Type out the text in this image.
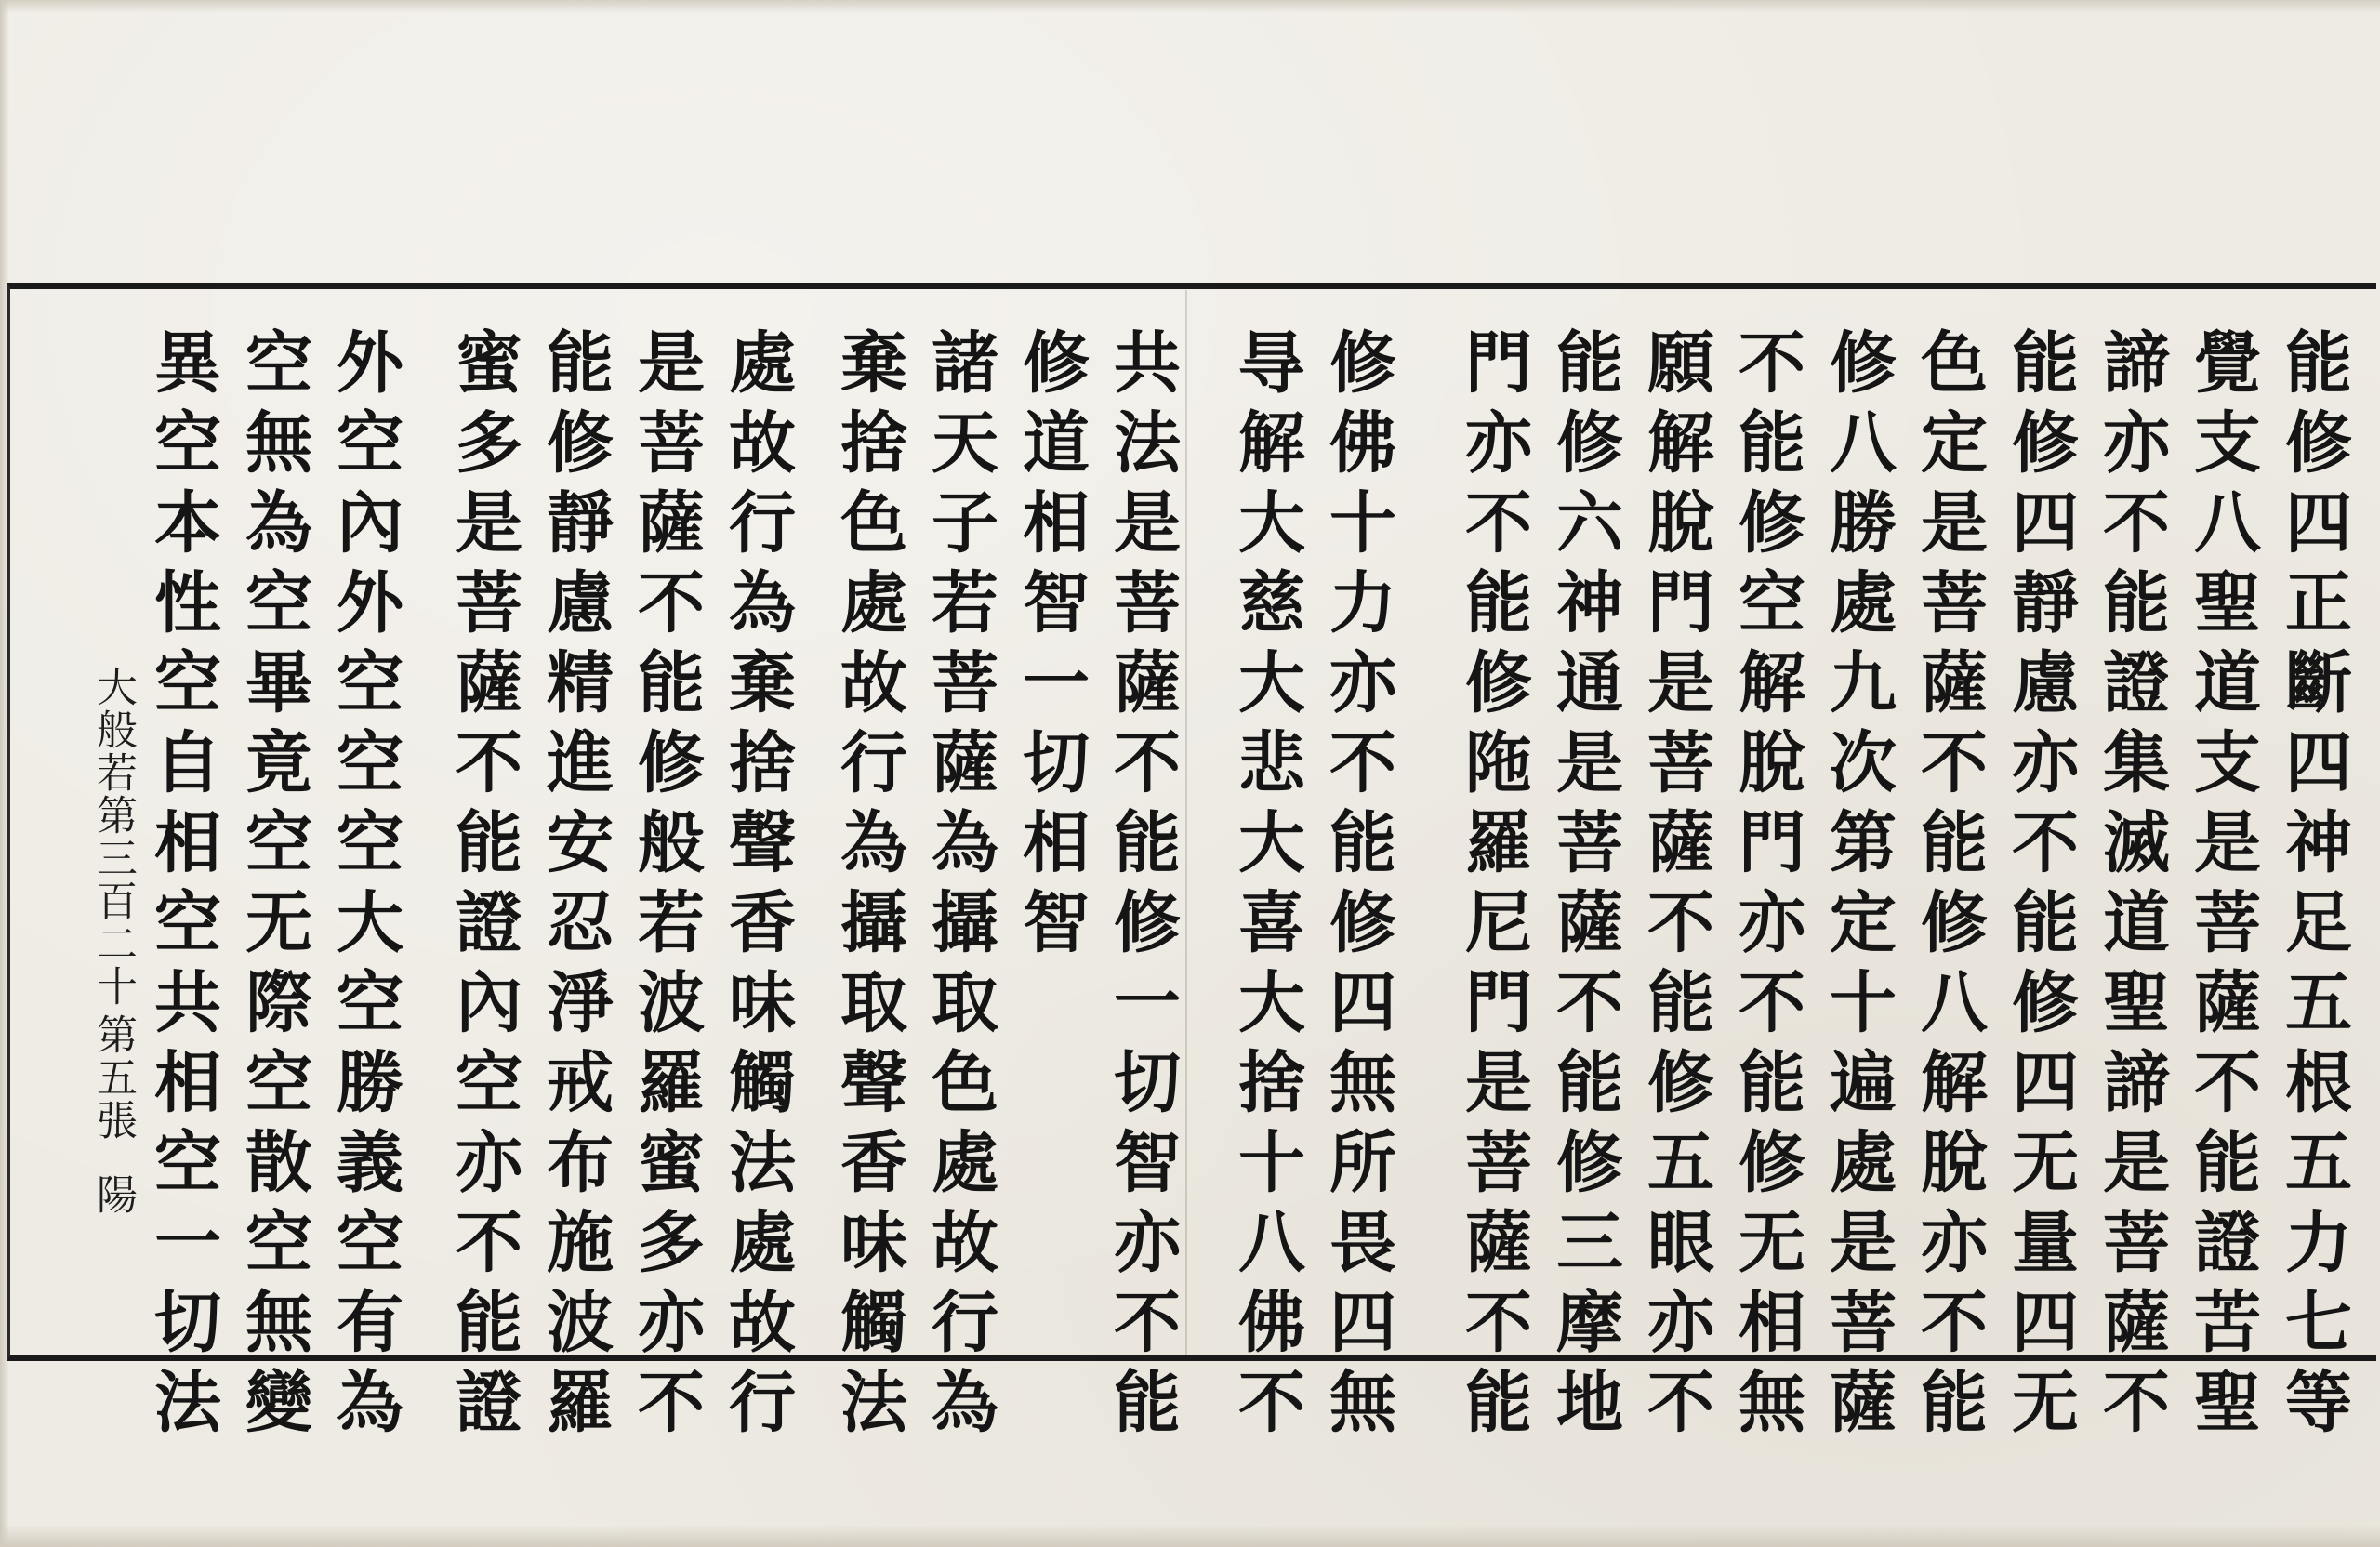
能修四正斷四神足五根五力七等
覺支八聖道支是菩薩不能證苦聖
諦亦不能證集滅道聖諦是菩薩不
能修四靜慮亦不能修四无量四无
色定是菩薩不能修八解脫亦不能
修八勝處九次第定十遍處是菩薩
不能修空解脫門亦不能修无相無
願解脫門是菩薩不能修五眼亦不
能修六神通是菩薩不能修三摩地
門亦不能修陁羅尼門是菩薩不能
修佛十力亦不能修四無所畏四無
㝵解大慈大悲大喜大捨十八佛不
共法是菩薩不能修一切智亦不能
修道相智一切相智
諸天子若菩薩為攝取色處故行為
棄捨色處故行為攝取聲香味觸法
處故行為棄捨聲香味觸法處故行
是菩薩不能修般若波羅蜜多亦不
能修靜慮精進安忍淨戒布施波羅
蜜多是菩薩不能證內空亦不能證
外空內外空空空大空勝義空有為
空無為空畢竟空无際空散空無變
異空本性空自相空共相空一切法
大般若第三百二十
第五張
陽
